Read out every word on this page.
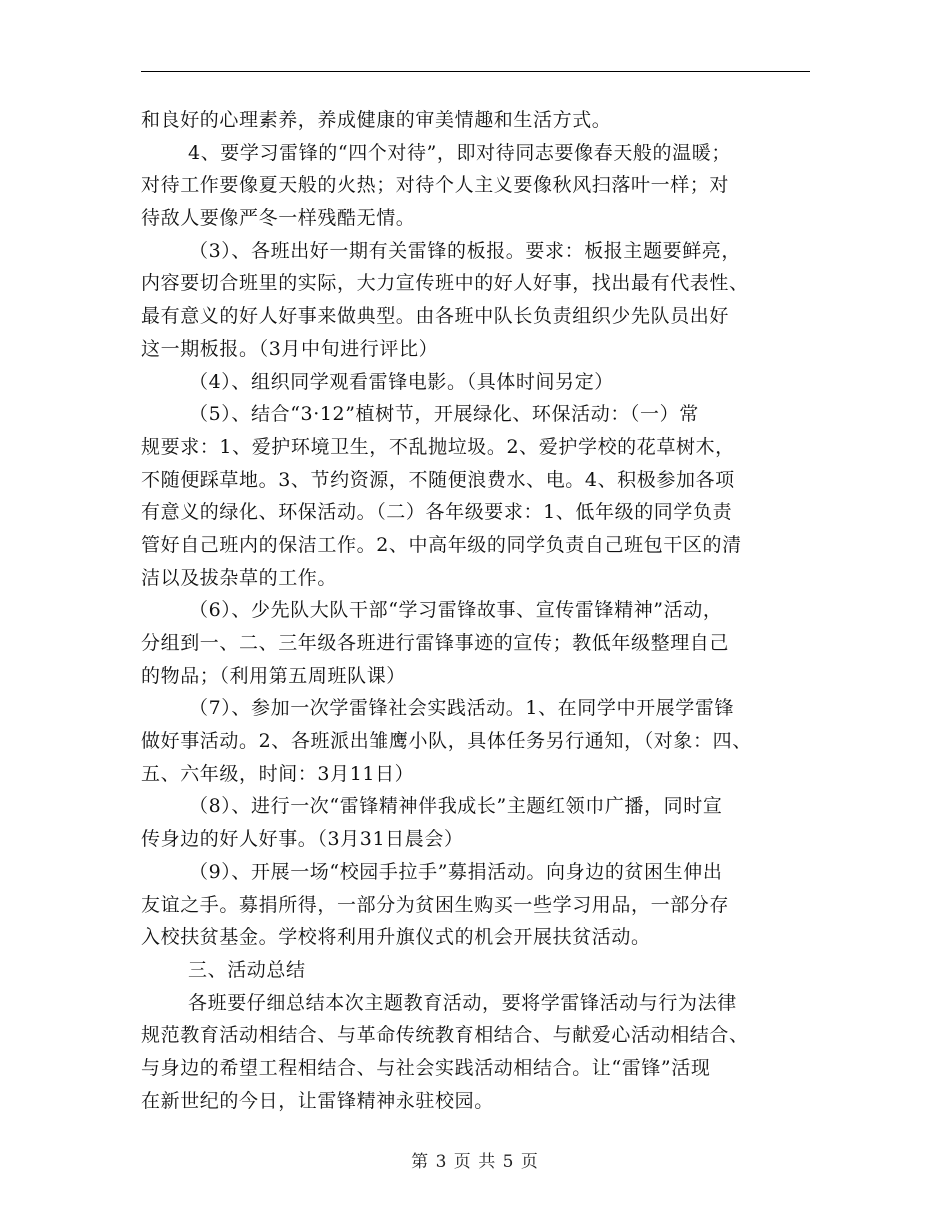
和良好的心理素养，养成健康的审美情趣和生活方式。
4、要学习雷锋的“四个对待”，即对待同志要像春天般的温暖；
对待工作要像夏天般的火热；对待个人主义要像秋风扫落叶一样；对
待敌人要像严冬一样残酷无情。
（3）、各班出好一期有关雷锋的板报。要求：板报主题要鲜亮，
内容要切合班里的实际，大力宣传班中的好人好事，找出最有代表性、
最有意义的好人好事来做典型。由各班中队长负责组织少先队员出好
这一期板报。（3月中旬进行评比）
（4）、组织同学观看雷锋电影。（具体时间另定）
（5）、结合“3·12”植树节，开展绿化、环保活动：（一）常
规要求：1、爱护环境卫生，不乱抛垃圾。2、爱护学校的花草树木，
不随便踩草地。3、节约资源，不随便浪费水、电。4、积极参加各项
有意义的绿化、环保活动。（二）各年级要求：1、低年级的同学负责
管好自己班内的保洁工作。2、中高年级的同学负责自己班包干区的清
洁以及拔杂草的工作。
（6）、少先队大队干部“学习雷锋故事、宣传雷锋精神”活动，
分组到一、二、三年级各班进行雷锋事迹的宣传；教低年级整理自己
的物品；（利用第五周班队课）
（7）、参加一次学雷锋社会实践活动。1、在同学中开展学雷锋
做好事活动。2、各班派出雏鹰小队，具体任务另行通知，（对象：四、
五、六年级，时间：3月11日）
（8）、进行一次“雷锋精神伴我成长”主题红领巾广播，同时宣
传身边的好人好事。（3月31日晨会）
（9）、开展一场“校园手拉手”募捐活动。向身边的贫困生伸出
友谊之手。募捐所得，一部分为贫困生购买一些学习用品，一部分存
入校扶贫基金。学校将利用升旗仪式的机会开展扶贫活动。
三、活动总结
各班要仔细总结本次主题教育活动，要将学雷锋活动与行为法律
规范教育活动相结合、与革命传统教育相结合、与献爱心活动相结合、
与身边的希望工程相结合、与社会实践活动相结合。让“雷锋”活现
在新世纪的今日，让雷锋精神永驻校园。
第 3 页 共 5 页
